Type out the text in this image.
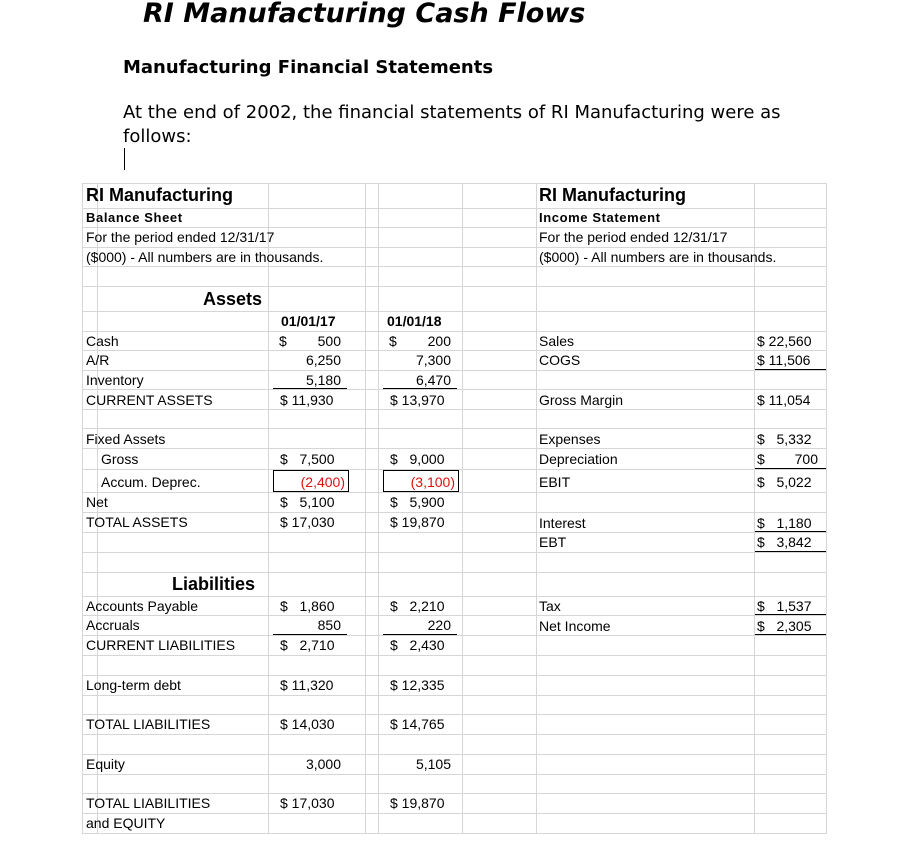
RI Manufacturing Cash Flows
Manufacturing Financial Statements
At the end of 2002, the financial statements of RI Manufacturing were as follows:
RI Manufacturing
Balance Sheet
For the period ended 12/31/17
($000) - All numbers are in thousands.
Assets
01/01/17	01/01/18
Cash	$	500	$	200
A/R	6,250	7,300
Inventory	5,180	6,470
CURRENT ASSETS	$ 11,930	$ 13,970
Fixed Assets
Gross	$   7,500	$   9,000
Accum. Deprec.	(2,400)	(3,100)
Net	$   5,100	$   5,900
TOTAL ASSETS	$ 17,030	$ 19,870
Liabilities
Accounts Payable	$   1,860	$   2,210
Accruals	850	220
CURRENT LIABILITIES	$   2,710	$   2,430
Long-term debt	$ 11,320	$ 12,335
TOTAL LIABILITIES	$ 14,030	$ 14,765
Equity	3,000	5,105
TOTAL LIABILITIES
and EQUITY
$ 17,030	$ 19,870
RI Manufacturing
Income Statement
For the period ended 12/31/17
($000) - All numbers are in thousands.
Sales	$ 22,560
COGS	$ 11,506
Gross Margin	$ 11,054
Expenses	$   5,332
Depreciation	$	700
EBIT	$   5,022
Interest	$   1,180
EBT	$   3,842
Tax	$   1,537
Net Income	$   2,305
